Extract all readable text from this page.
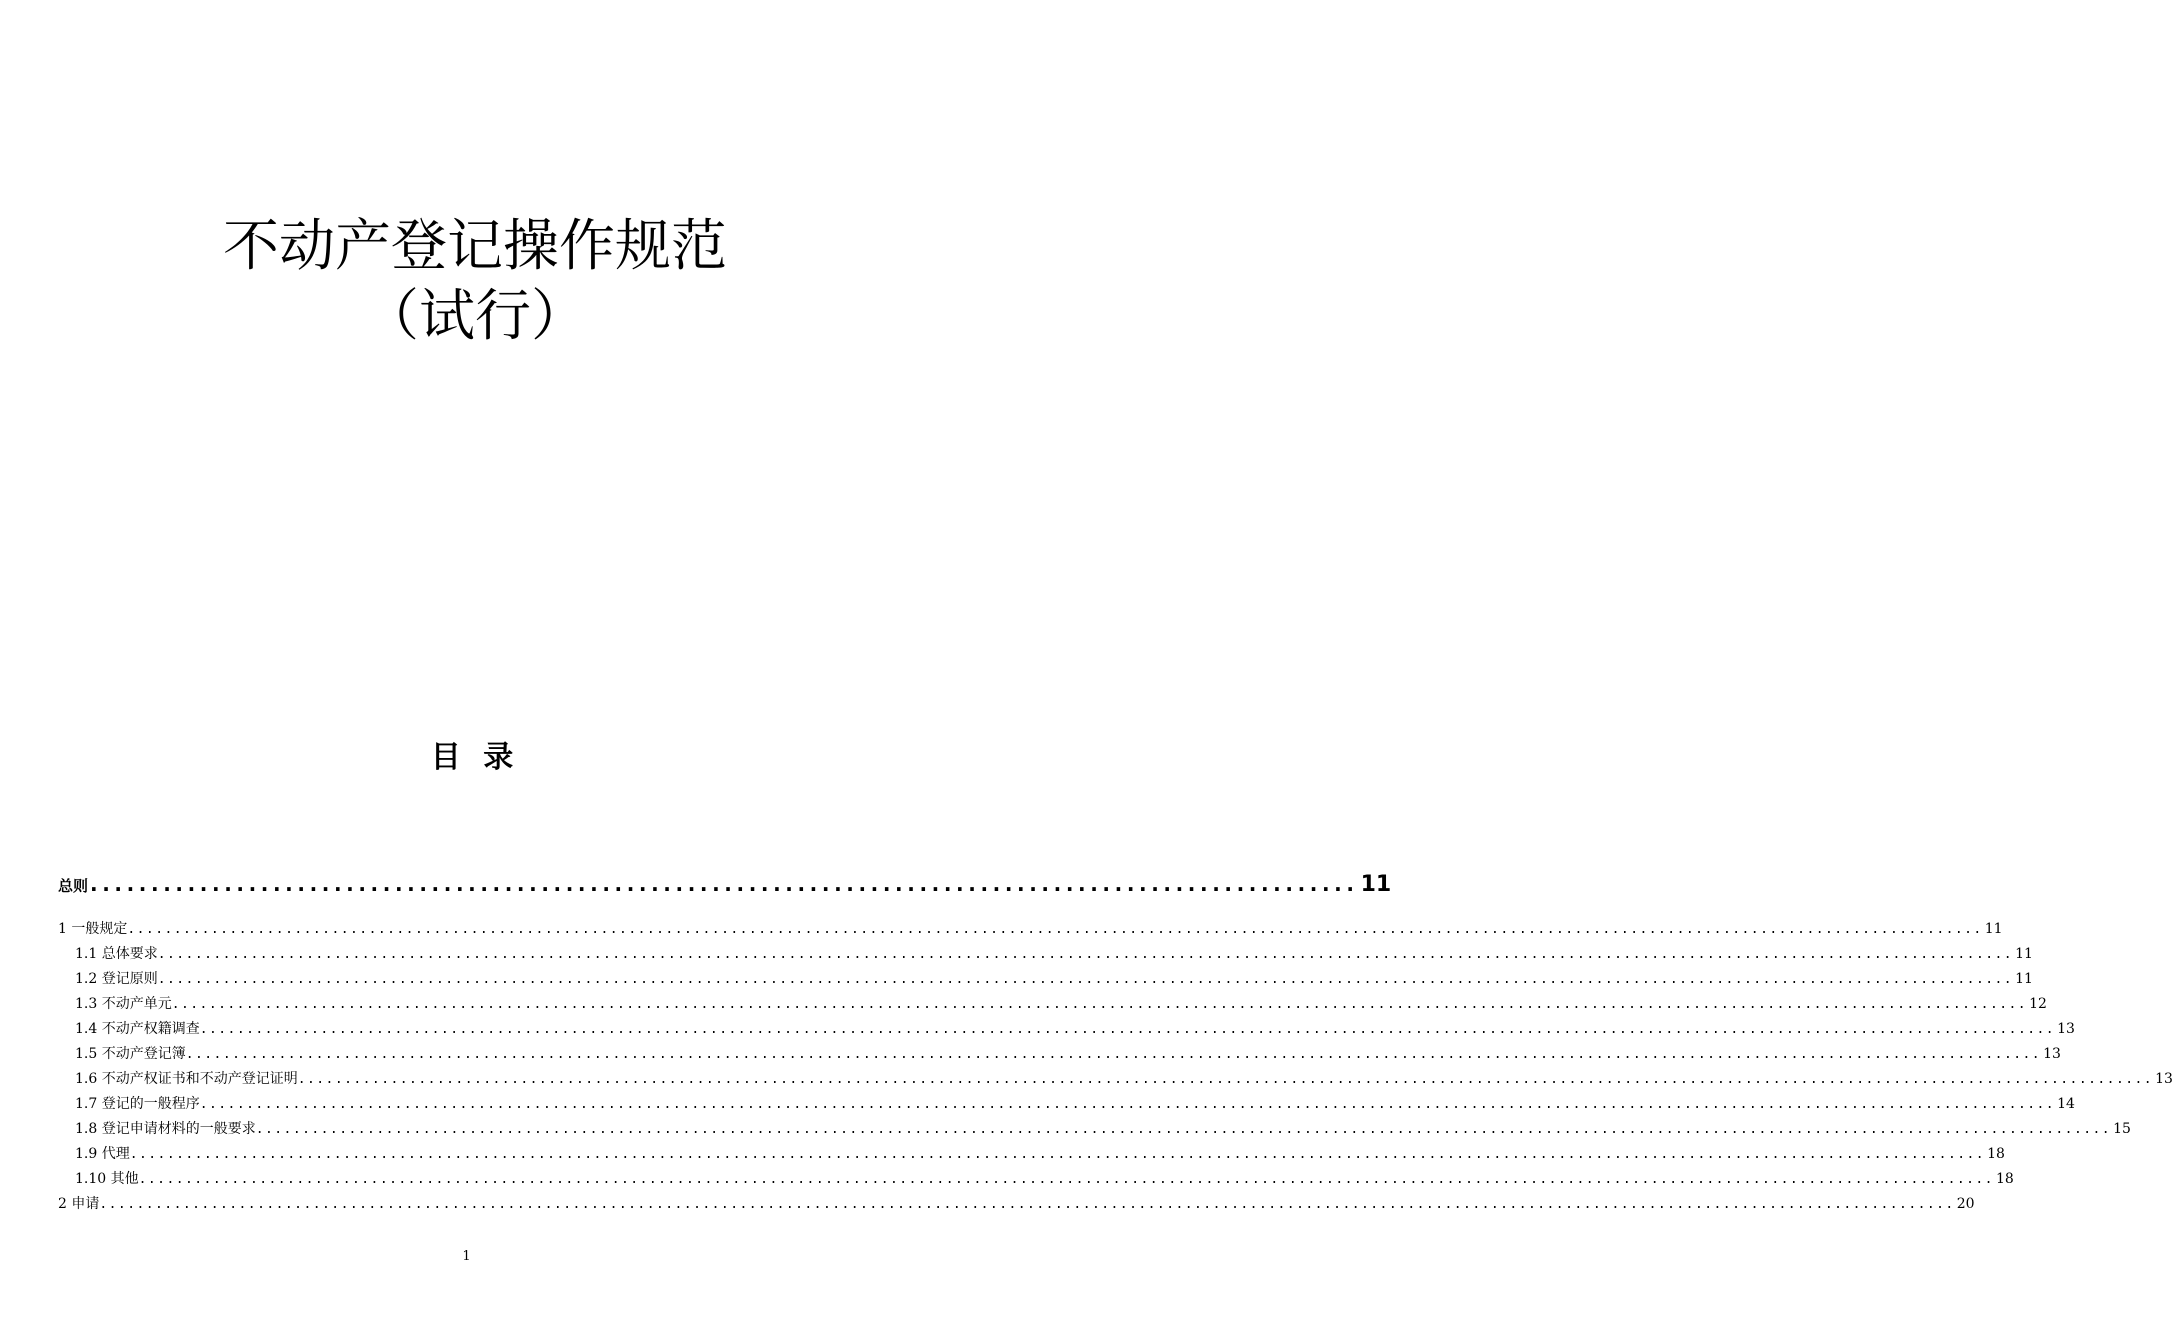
不动产登记操作规范
（试行）
目 录
总则 ........................................................................................................ 11
1 一般规定 ........................................................................................................................................................................................................ 11
1.1 总体要求 ........................................................................................................................................................................................................ 11
1.2 登记原则 ........................................................................................................................................................................................................ 11
1.3 不动产单元 ........................................................................................................................................................................................................ 12
1.4 不动产权籍调查 ........................................................................................................................................................................................................ 13
1.5 不动产登记簿 ........................................................................................................................................................................................................ 13
1.6 不动产权证书和不动产登记证明 ........................................................................................................................................................................................................ 13
1.7 登记的一般程序 ........................................................................................................................................................................................................ 14
1.8 登记申请材料的一般要求 ........................................................................................................................................................................................................ 15
1.9 代理 ........................................................................................................................................................................................................ 18
1.10 其他 ........................................................................................................................................................................................................ 18
2 申请 ........................................................................................................................................................................................................ 20
1
